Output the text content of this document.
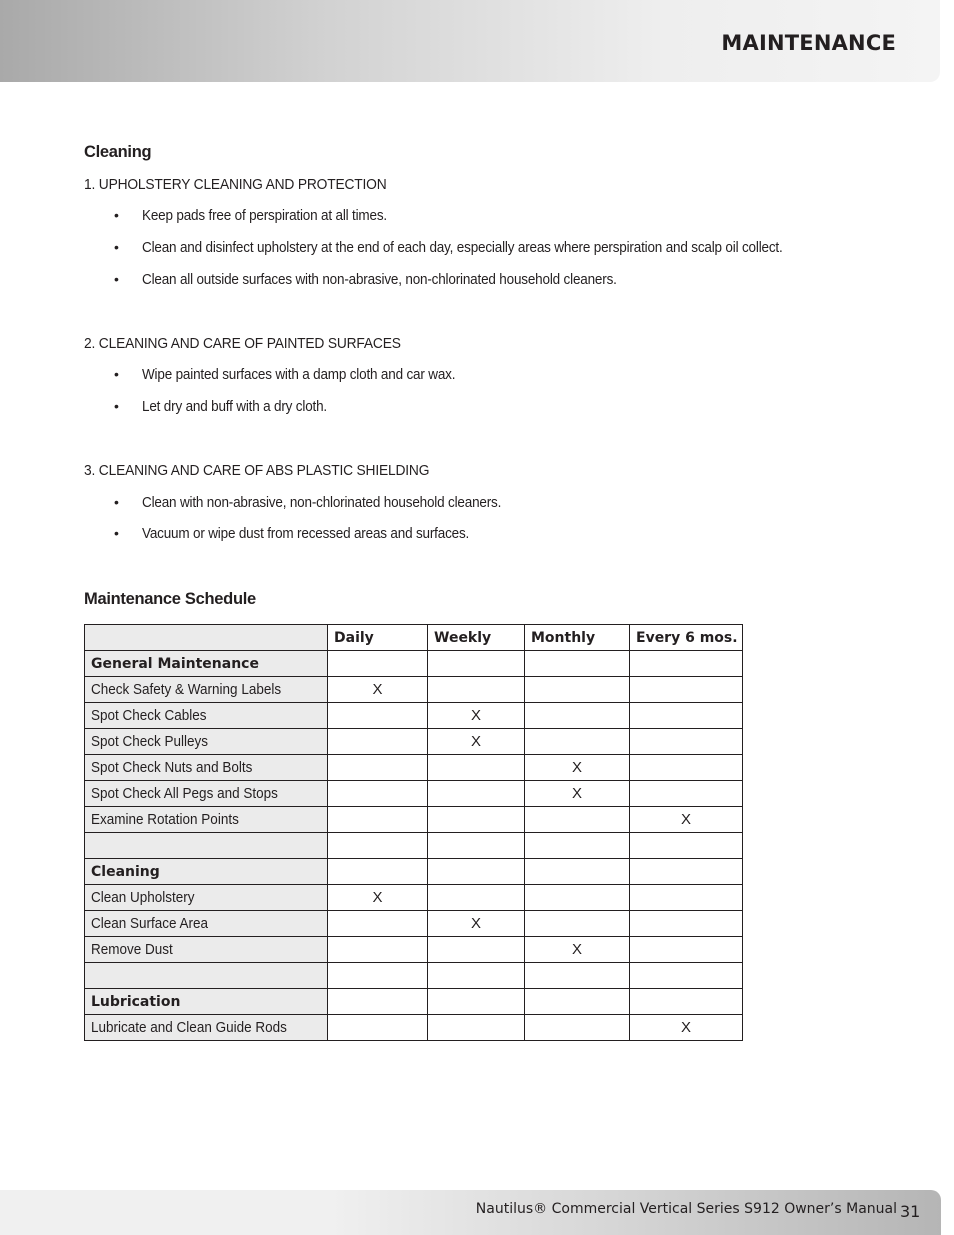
MAINTENANCE
Cleaning
1. UPHOLSTERY CLEANING AND PROTECTION
• Keep pads free of perspiration at all times.
• Clean and disinfect upholstery at the end of each day, especially areas where perspiration and scalp oil collect.
• Clean all outside surfaces with non-abrasive, non-chlorinated household cleaners.
2. CLEANING AND CARE OF PAINTED SURFACES
• Wipe painted surfaces with a damp cloth and car wax.
• Let dry and buff with a dry cloth.
3. CLEANING AND CARE OF ABS PLASTIC SHIELDING
• Clean with non-abrasive, non-chlorinated household cleaners.
• Vacuum or wipe dust from recessed areas and surfaces.
Maintenance Schedule
	Daily	Weekly	Monthly	Every 6 mos.
General Maintenance				
Check Safety & Warning Labels	X			
Spot Check Cables		X		
Spot Check Pulleys		X		
Spot Check Nuts and Bolts			X	
Spot Check All Pegs and Stops			X	
Examine Rotation Points				X

Cleaning				
Clean Upholstery	X			
Clean Surface Area		X		
Remove Dust			X	

Lubrication				
Lubricate and Clean Guide Rods				X
Nautilus® Commercial Vertical Series S912 Owner’s Manual 31
